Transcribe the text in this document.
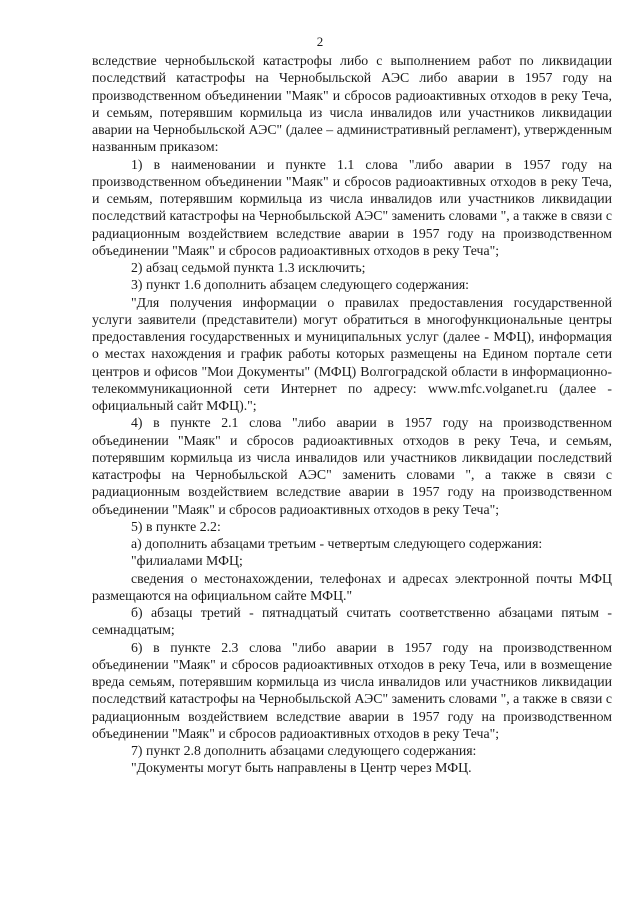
2

вследствие чернобыльской катастрофы либо с выполнением работ по ликвидации последствий катастрофы на Чернобыльской АЭС либо аварии в 1957 году на производственном объединении "Маяк" и сбросов радиоактивных отходов в реку Теча, и семьям, потерявшим кормильца из числа инвалидов или участников ликвидации аварии на Чернобыльской АЭС" (далее – административный регламент), утвержденным названным приказом:

1) в наименовании и пункте 1.1 слова "либо аварии в 1957 году на производственном объединении "Маяк" и сбросов радиоактивных отходов в реку Теча, и семьям, потерявшим кормильца из числа инвалидов или участников ликвидации последствий катастрофы на Чернобыльской АЭС" заменить словами ", а также в связи с радиационным воздействием вследствие аварии в 1957 году на производственном объединении "Маяк" и сбросов радиоактивных отходов в реку Теча";

2) абзац седьмой пункта 1.3 исключить;

3) пункт 1.6 дополнить абзацем следующего содержания:

"Для получения информации о правилах предоставления государственной услуги заявители (представители) могут обратиться в многофункциональные центры предоставления государственных и муниципальных услуг (далее - МФЦ), информация о местах нахождения и график работы которых размещены на Едином портале сети центров и офисов "Мои Документы" (МФЦ) Волгоградской области в информационно-телекоммуникационной сети Интернет по адресу: www.mfc.volganet.ru (далее - официальный сайт МФЦ).";

4) в пункте 2.1 слова "либо аварии в 1957 году на производственном объединении "Маяк" и сбросов радиоактивных отходов в реку Теча, и семьям, потерявшим кормильца из числа инвалидов или участников ликвидации последствий катастрофы на Чернобыльской АЭС" заменить словами ", а также в связи с радиационным воздействием вследствие аварии в 1957 году на производственном объединении "Маяк" и сбросов радиоактивных отходов в реку Теча";

5) в пункте 2.2:

а) дополнить абзацами третьим - четвертым следующего содержания:

"филиалами МФЦ;

сведения о местонахождении, телефонах и адресах электронной почты МФЦ размещаются на официальном сайте МФЦ."

б) абзацы третий - пятнадцатый считать соответственно абзацами пятым - семнадцатым;

6) в пункте 2.3 слова "либо аварии в 1957 году на производственном объединении "Маяк" и сбросов радиоактивных отходов в реку Теча, или в возмещение вреда семьям, потерявшим кормильца из числа инвалидов или участников ликвидации последствий катастрофы на Чернобыльской АЭС" заменить словами ", а также в связи с радиационным воздействием вследствие аварии в 1957 году на производственном объединении "Маяк" и сбросов радиоактивных отходов в реку Теча";

7) пункт 2.8 дополнить абзацами следующего содержания:

"Документы могут быть направлены в Центр через МФЦ.
